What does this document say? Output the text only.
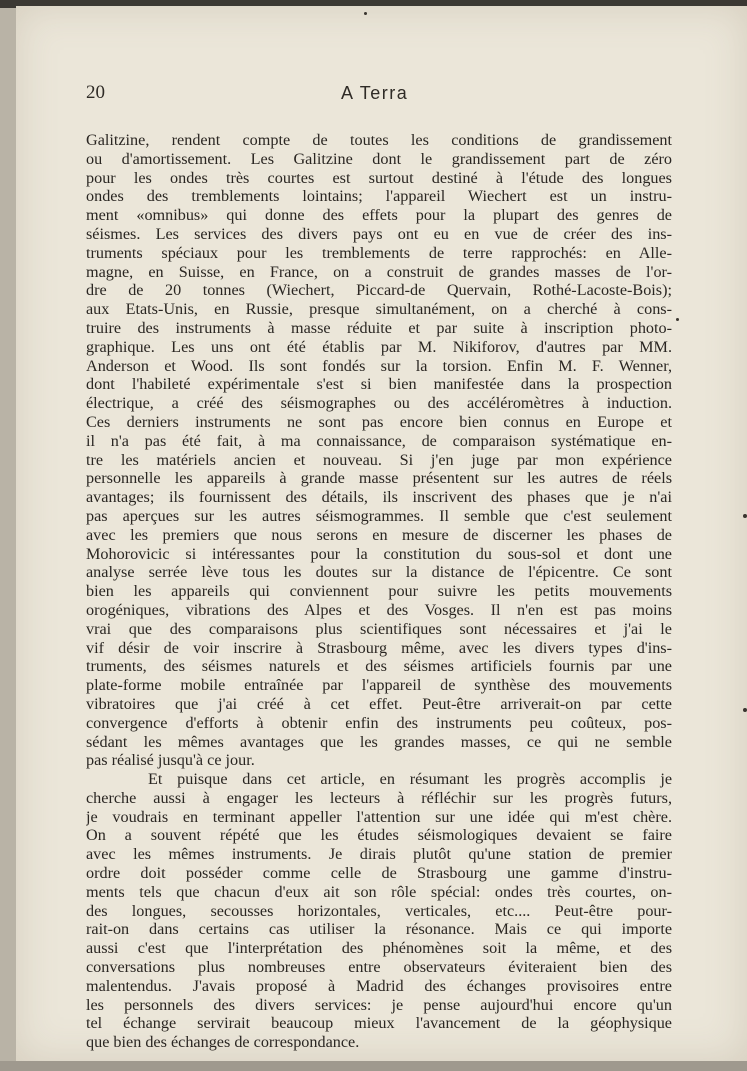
20	A Terra
Galitzine, rendent compte de toutes les conditions de grandissement
ou d'amortissement. Les Galitzine dont le grandissement part de zéro
pour les ondes très courtes est surtout destiné à l'étude des longues
ondes des tremblements lointains; l'appareil Wiechert est un instru-
ment «omnibus» qui donne des effets pour la plupart des genres de
séismes. Les services des divers pays ont eu en vue de créer des ins-
truments spéciaux pour les tremblements de terre rapprochés: en Alle-
magne, en Suisse, en France, on a construit de grandes masses de l'or-
dre de 20 tonnes (Wiechert, Piccard-de Quervain, Rothé-Lacoste-Bois);
aux Etats-Unis, en Russie, presque simultanément, on a cherché à cons-
truire des instruments à masse réduite et par suite à inscription photo-
graphique. Les uns ont été établis par M. Nikiforov, d'autres par MM.
Anderson et Wood. Ils sont fondés sur la torsion. Enfin M. F. Wenner,
dont l'habileté expérimentale s'est si bien manifestée dans la prospection
électrique, a créé des séismographes ou des accéléromètres à induction.
Ces derniers instruments ne sont pas encore bien connus en Europe et
il n'a pas été fait, à ma connaissance, de comparaison systématique en-
tre les matériels ancien et nouveau. Si j'en juge par mon expérience
personnelle les appareils à grande masse présentent sur les autres de réels
avantages; ils fournissent des détails, ils inscrivent des phases que je n'ai
pas aperçues sur les autres séismogrammes. Il semble que c'est seulement
avec les premiers que nous serons en mesure de discerner les phases de
Mohorovicic si intéressantes pour la constitution du sous-sol et dont une
analyse serrée lève tous les doutes sur la distance de l'épicentre. Ce sont
bien les appareils qui conviennent pour suivre les petits mouvements
orogéniques, vibrations des Alpes et des Vosges. Il n'en est pas moins
vrai que des comparaisons plus scientifiques sont nécessaires et j'ai le
vif désir de voir inscrire à Strasbourg même, avec les divers types d'ins-
truments, des séismes naturels et des séismes artificiels fournis par une
plate-forme mobile entraînée par l'appareil de synthèse des mouvements
vibratoires que j'ai créé à cet effet. Peut-être arriverait-on par cette
convergence d'efforts à obtenir enfin des instruments peu coûteux, pos-
sédant les mêmes avantages que les grandes masses, ce qui ne semble
pas réalisé jusqu'à ce jour.
Et puisque dans cet article, en résumant les progrès accomplis je
cherche aussi à engager les lecteurs à réfléchir sur les progrès futurs,
je voudrais en terminant appeller l'attention sur une idée qui m'est chère.
On a souvent répété que les études séismologiques devaient se faire
avec les mêmes instruments. Je dirais plutôt qu'une station de premier
ordre doit posséder comme celle de Strasbourg une gamme d'instru-
ments tels que chacun d'eux ait son rôle spécial: ondes très courtes, on-
des longues, secousses horizontales, verticales, etc.... Peut-être pour-
rait-on dans certains cas utiliser la résonance. Mais ce qui importe
aussi c'est que l'interprétation des phénomènes soit la même, et des
conversations plus nombreuses entre observateurs éviteraient bien des
malentendus. J'avais proposé à Madrid des échanges provisoires entre
les personnels des divers services: je pense aujourd'hui encore qu'un
tel échange servirait beaucoup mieux l'avancement de la géophysique
que bien des échanges de correspondance.
